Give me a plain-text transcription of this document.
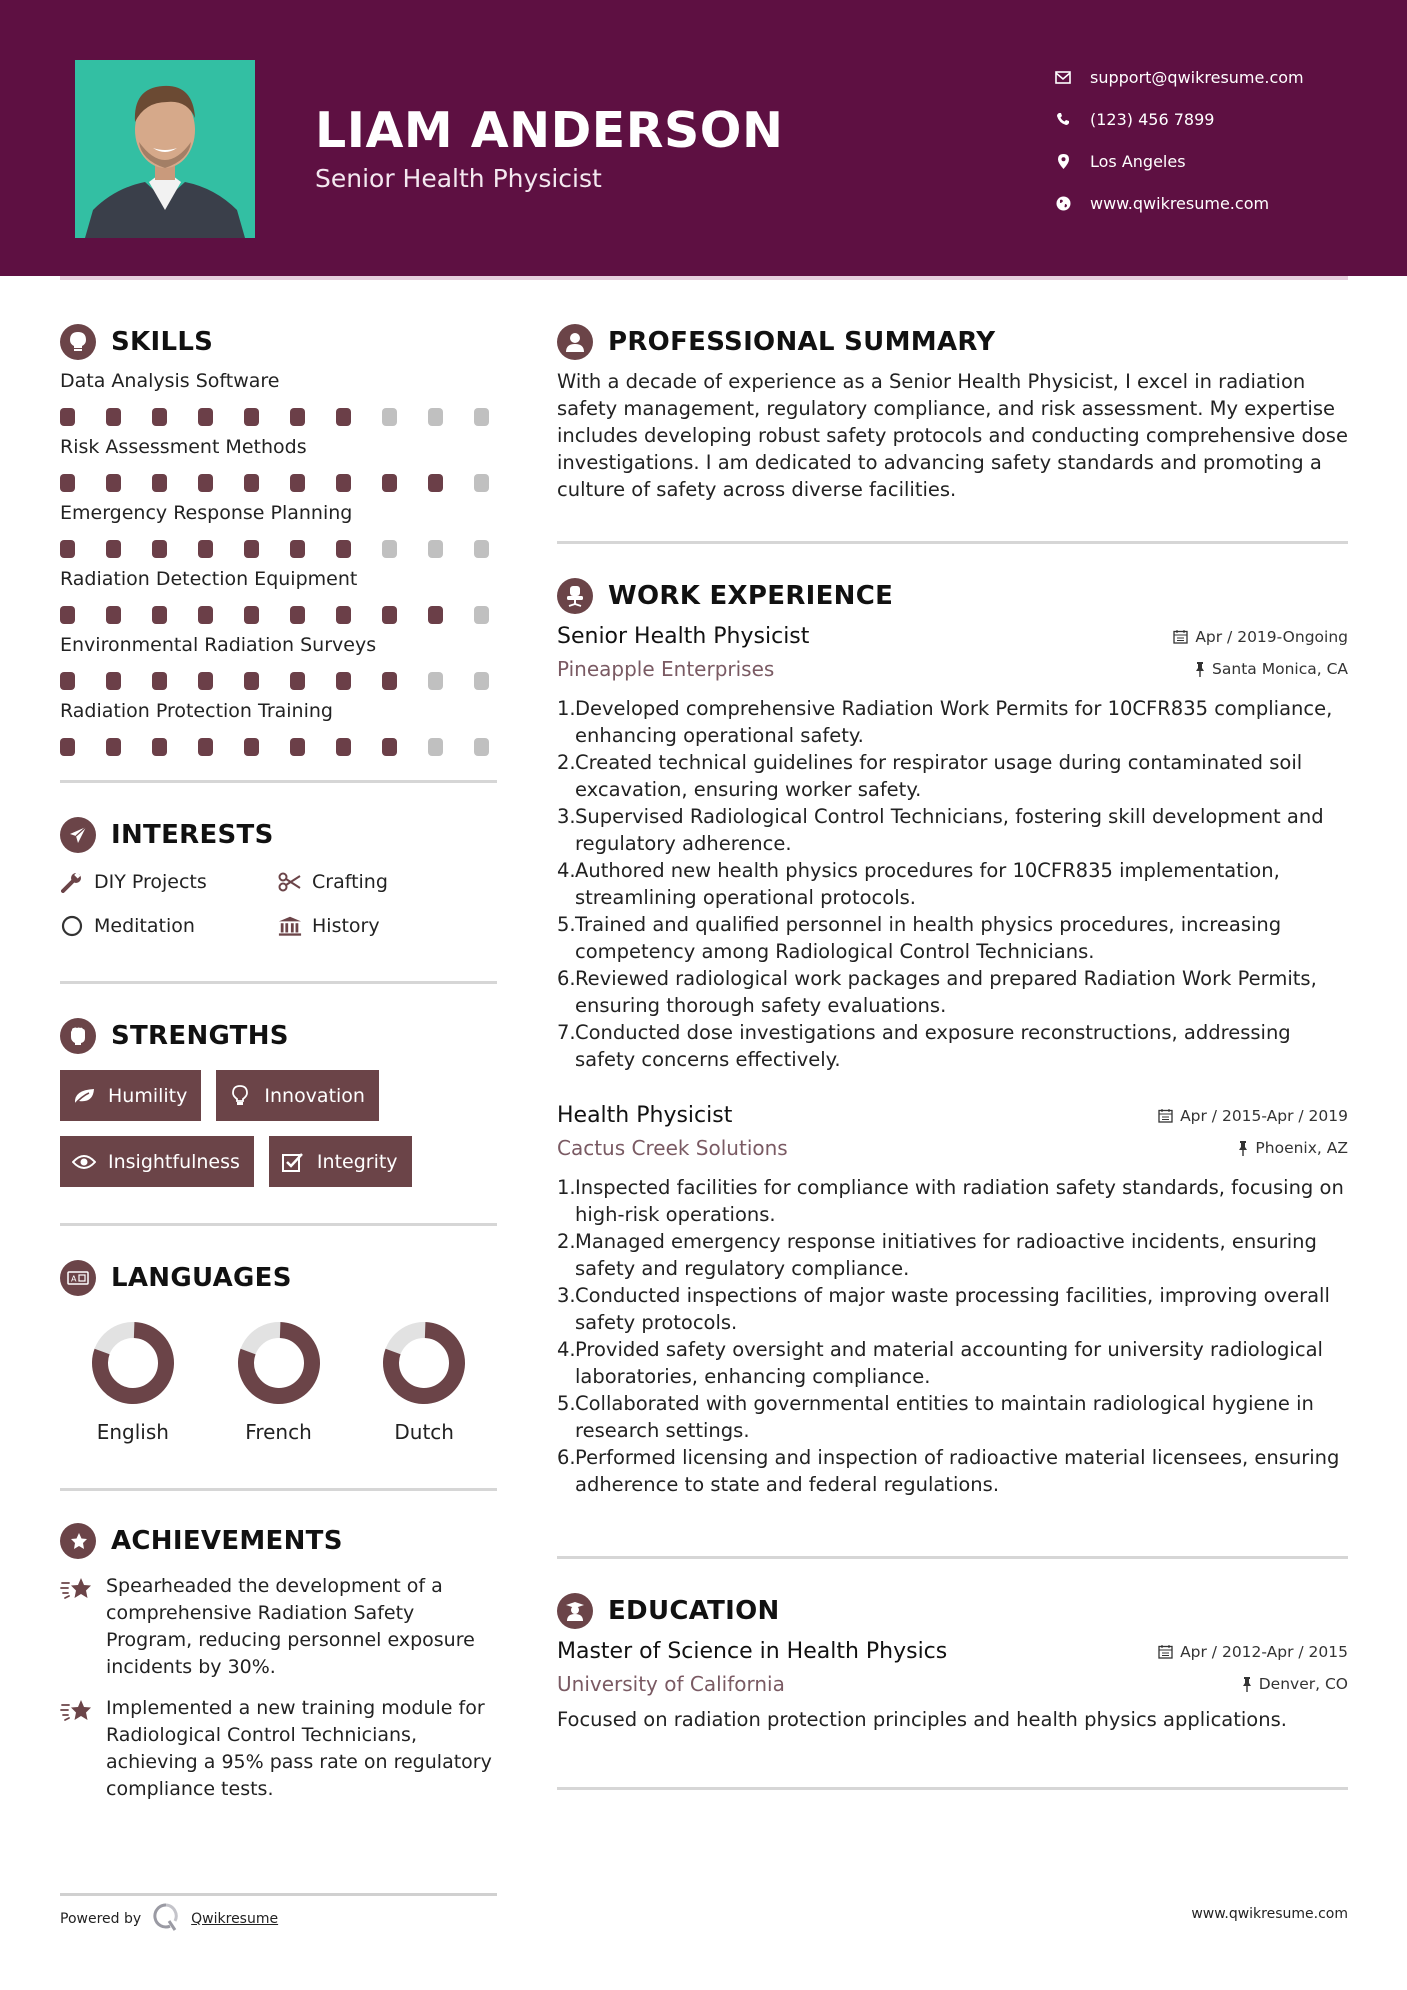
LIAM ANDERSON
Senior Health Physicist
support@qwikresume.com
(123) 456 7899
Los Angeles
www.qwikresume.com
SKILLS
Data Analysis Software
Risk Assessment Methods
Emergency Response Planning
Radiation Detection Equipment
Environmental Radiation Surveys
Radiation Protection Training
INTERESTS
DIY Projects	Crafting
Meditation	History
STRENGTHS
Humility	Innovation
Insightfulness	Integrity
A LANGUAGES
English	French	Dutch
ACHIEVEMENTS
Spearheaded the development of a comprehensive Radiation Safety Program, reducing personnel exposure incidents by 30%.
Implemented a new training module for Radiological Control Technicians, achieving a 95% pass rate on regulatory compliance tests.
PROFESSIONAL SUMMARY

With a decade of experience as a Senior Health Physicist, I excel in radiation safety management, regulatory compliance, and risk assessment. My expertise includes developing robust safety protocols and conducting comprehensive dose investigations. I am dedicated to advancing safety standards and promoting a culture of safety across diverse facilities.

WORK EXPERIENCE
Senior Health Physicist	Apr / 2019-Ongoing
Pineapple Enterprises	Santa Monica, CA
1. Developed comprehensive Radiation Work Permits for 10CFR835 compliance, enhancing operational safety.
2. Created technical guidelines for respirator usage during contaminated soil excavation, ensuring worker safety.
3. Supervised Radiological Control Technicians, fostering skill development and regulatory adherence.
4. Authored new health physics procedures for 10CFR835 implementation, streamlining operational protocols.
5. Trained and qualified personnel in health physics procedures, increasing competency among Radiological Control Technicians.
6. Reviewed radiological work packages and prepared Radiation Work Permits, ensuring thorough safety evaluations.
7. Conducted dose investigations and exposure reconstructions, addressing safety concerns effectively.
Health Physicist	Apr / 2015-Apr / 2019
Cactus Creek Solutions	Phoenix, AZ
1. Inspected facilities for compliance with radiation safety standards, focusing on high-risk operations.
2. Managed emergency response initiatives for radioactive incidents, ensuring safety and regulatory compliance.
3. Conducted inspections of major waste processing facilities, improving overall safety protocols.
4. Provided safety oversight and material accounting for university radiological laboratories, enhancing compliance.
5. Collaborated with governmental entities to maintain radiological hygiene in research settings.
6. Performed licensing and inspection of radioactive material licensees, ensuring adherence to state and federal regulations.
EDUCATION
Master of Science in Health Physics	Apr / 2012-Apr / 2015
University of California	Denver, CO

Focused on radiation protection principles and health physics applications.

Powered by	Qwikresume	www.qwikresume.com
